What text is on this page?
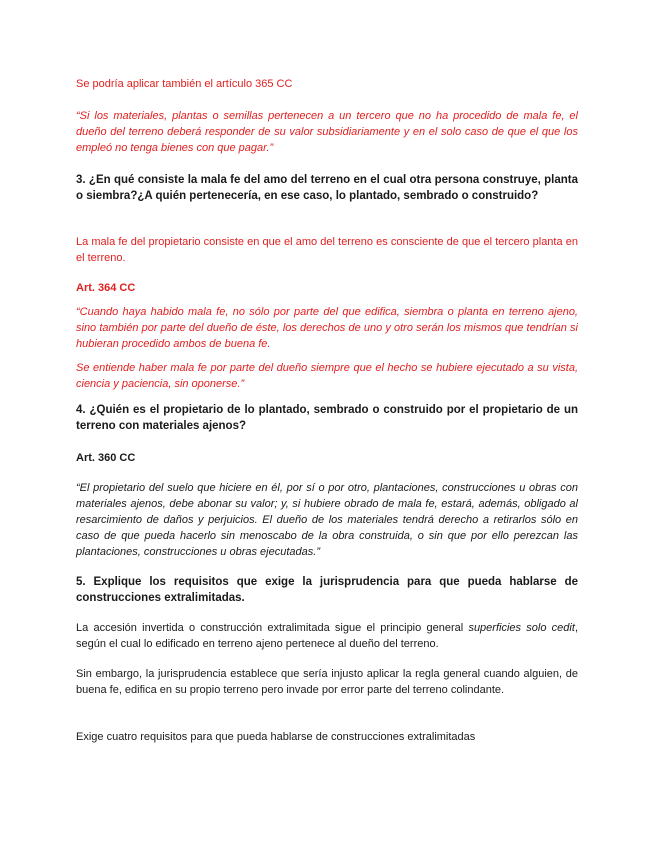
Se podría aplicar también el artículo 365 CC

“Si los materiales, plantas o semillas pertenecen a un tercero que no ha procedido de mala fe, el dueño del terreno deberá responder de su valor subsidiariamente y en el solo caso de que el que los empleó no tenga bienes con que pagar.”

3. ¿En qué consiste la mala fe del amo del terreno en el cual otra persona construye, planta o siembra?¿A quién pertenecería, en ese caso, lo plantado, sembrado o construido?

La mala fe del propietario consiste en que el amo del terreno es consciente de que el tercero planta en el terreno.

Art. 364 CC

“Cuando haya habido mala fe, no sólo por parte del que edifica, siembra o planta en terreno ajeno, sino también por parte del dueño de éste, los derechos de uno y otro serán los mismos que tendrían si hubieran procedido ambos de buena fe.

Se entiende haber mala fe por parte del dueño siempre que el hecho se hubiere ejecutado a su vista, ciencia y paciencia, sin oponerse.”

4. ¿Quién es el propietario de lo plantado, sembrado o construido por el propietario de un terreno con materiales ajenos?

Art. 360 CC

“El propietario del suelo que hiciere en él, por sí o por otro, plantaciones, construcciones u obras con materiales ajenos, debe abonar su valor; y, si hubiere obrado de mala fe, estará, además, obligado al resarcimiento de daños y perjuicios. El dueño de los materiales tendrá derecho a retirarlos sólo en caso de que pueda hacerlo sin menoscabo de la obra construida, o sin que por ello perezcan las plantaciones, construcciones u obras ejecutadas.”

5. Explique los requisitos que exige la jurisprudencia para que pueda hablarse de construcciones extralimitadas.

La accesión invertida o construcción extralimitada sigue el principio general superficies solo cedit, según el cual lo edificado en terreno ajeno pertenece al dueño del terreno.

Sin embargo, la jurisprudencia establece que sería injusto aplicar la regla general cuando alguien, de buena fe, edifica en su propio terreno pero invade por error parte del terreno colindante.

Exige cuatro requisitos para que pueda hablarse de construcciones extralimitadas
